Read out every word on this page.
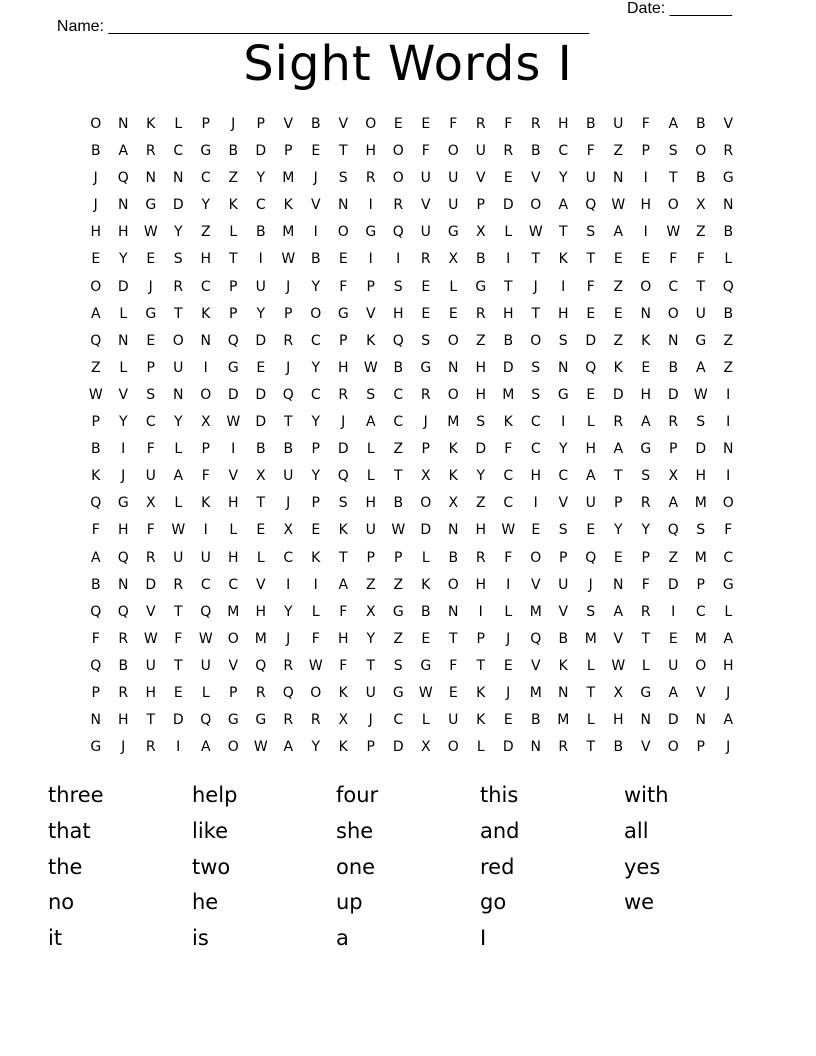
Name: ______________________________________________________

Date: _______

Sight Words I
O	N	K	L	P	J	P	V	B	V	O	E	E	F	R	F	R	H	B	U	F	A	B	V
B	A	R	C	G	B	D	P	E	T	H	O	F	O	U	R	B	C	F	Z	P	S	O	R
J	Q	N	N	C	Z	Y	M	J	S	R	O	U	U	V	E	V	Y	U	N	I	T	B	G
J	N	G	D	Y	K	C	K	V	N	I	R	V	U	P	D	O	A	Q	W	H	O	X	N
H	H	W	Y	Z	L	B	M	I	O	G	Q	U	G	X	L	W	T	S	A	I	W	Z	B
E	Y	E	S	H	T	I	W	B	E	I	I	R	X	B	I	T	K	T	E	E	F	F	L
O	D	J	R	C	P	U	J	Y	F	P	S	E	L	G	T	J	I	F	Z	O	C	T	Q
A	L	G	T	K	P	Y	P	O	G	V	H	E	E	R	H	T	H	E	E	N	O	U	B
Q	N	E	O	N	Q	D	R	C	P	K	Q	S	O	Z	B	O	S	D	Z	K	N	G	Z
Z	L	P	U	I	G	E	J	Y	H	W	B	G	N	H	D	S	N	Q	K	E	B	A	Z
W	V	S	N	O	D	D	Q	C	R	S	C	R	O	H	M	S	G	E	D	H	D	W	I
P	Y	C	Y	X	W	D	T	Y	J	A	C	J	M	S	K	C	I	L	R	A	R	S	I
B	I	F	L	P	I	B	B	P	D	L	Z	P	K	D	F	C	Y	H	A	G	P	D	N
K	J	U	A	F	V	X	U	Y	Q	L	T	X	K	Y	C	H	C	A	T	S	X	H	I
Q	G	X	L	K	H	T	J	P	S	H	B	O	X	Z	C	I	V	U	P	R	A	M	O
F	H	F	W	I	L	E	X	E	K	U	W	D	N	H	W	E	S	E	Y	Y	Q	S	F
A	Q	R	U	U	H	L	C	K	T	P	P	L	B	R	F	O	P	Q	E	P	Z	M	C
B	N	D	R	C	C	V	I	I	A	Z	Z	K	O	H	I	V	U	J	N	F	D	P	G
Q	Q	V	T	Q	M	H	Y	L	F	X	G	B	N	I	L	M	V	S	A	R	I	C	L
F	R	W	F	W	O	M	J	F	H	Y	Z	E	T	P	J	Q	B	M	V	T	E	M	A
Q	B	U	T	U	V	Q	R	W	F	T	S	G	F	T	E	V	K	L	W	L	U	O	H
P	R	H	E	L	P	R	Q	O	K	U	G	W	E	K	J	M	N	T	X	G	A	V	J
N	H	T	D	Q	G	G	R	R	X	J	C	L	U	K	E	B	M	L	H	N	D	N	A
G	J	R	I	A	O	W	A	Y	K	P	D	X	O	L	D	N	R	T	B	V	O	P	J
three	help	four	this	with
that	like	she	and	all
the	two	one	red	yes
no	he	up	go	we
it	is	a	I
